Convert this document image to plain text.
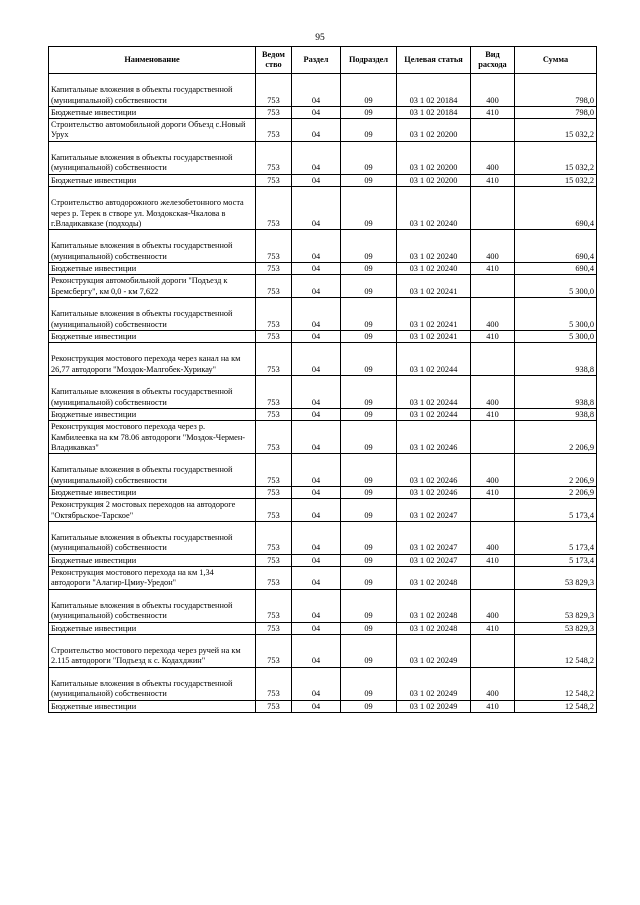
95
Наименование	Ведом ство	Раздел	Подраздел	Целевая статья	Вид расхода	Сумма
Капитальные вложения в объекты государственной (муниципальной) собственности	753	04	09	03 1 02 20184	400	798,0
Бюджетные инвестиции	753	04	09	03 1 02 20184	410	798,0
Строительство автомобильной дороги Объезд с.Новый Урух	753	04	09	03 1 02 20200		15 032,2
Капитальные вложения в объекты государственной (муниципальной) собственности	753	04	09	03 1 02 20200	400	15 032,2
Бюджетные инвестиции	753	04	09	03 1 02 20200	410	15 032,2
Строительство автодорожного железобетонного моста через р. Терек в створе ул. Моздокская-Чкалова в г.Владикавказе (подходы)	753	04	09	03 1 02 20240		690,4
Капитальные вложения в объекты государственной (муниципальной) собственности	753	04	09	03 1 02 20240	400	690,4
Бюджетные инвестиции	753	04	09	03 1 02 20240	410	690,4
Реконструкция автомобильной дороги "Подъезд к Бремсбергу", км 0,0 - км 7,622	753	04	09	03 1 02 20241		5 300,0
Капитальные вложения в объекты государственной (муниципальной) собственности	753	04	09	03 1 02 20241	400	5 300,0
Бюджетные инвестиции	753	04	09	03 1 02 20241	410	5 300,0
Реконструкция мостового перехода через канал на км 26,77 автодороги "Моздок-Малгобек-Хурикау"	753	04	09	03 1 02 20244		938,8
Капитальные вложения в объекты государственной (муниципальной) собственности	753	04	09	03 1 02 20244	400	938,8
Бюджетные инвестиции	753	04	09	03 1 02 20244	410	938,8
Реконструкция мостового перехода через р. Камбилеевка на км 78.06 автодороги "Моздок-Чермен-Владикавказ"	753	04	09	03 1 02 20246		2 206,9
Капитальные вложения в объекты государственной (муниципальной) собственности	753	04	09	03 1 02 20246	400	2 206,9
Бюджетные инвестиции	753	04	09	03 1 02 20246	410	2 206,9
Реконструкция 2 мостовых переходов на автодороге "Октябрьское-Тарское"	753	04	09	03 1 02 20247		5 173,4
Капитальные вложения в объекты государственной (муниципальной) собственности	753	04	09	03 1 02 20247	400	5 173,4
Бюджетные инвестиции	753	04	09	03 1 02 20247	410	5 173,4
Реконструкция мостового перехода на км 1,34 автодороги "Алагир-Цмиу-Уредон"	753	04	09	03 1 02 20248		53 829,3
Капитальные вложения в объекты государственной (муниципальной) собственности	753	04	09	03 1 02 20248	400	53 829,3
Бюджетные инвестиции	753	04	09	03 1 02 20248	410	53 829,3
Строительство мостового перехода через ручей на км 2.115 автодороги "Подъезд к с. Кодахджин"	753	04	09	03 1 02 20249		12 548,2
Капитальные вложения в объекты государственной (муниципальной) собственности	753	04	09	03 1 02 20249	400	12 548,2
Бюджетные инвестиции	753	04	09	03 1 02 20249	410	12 548,2
